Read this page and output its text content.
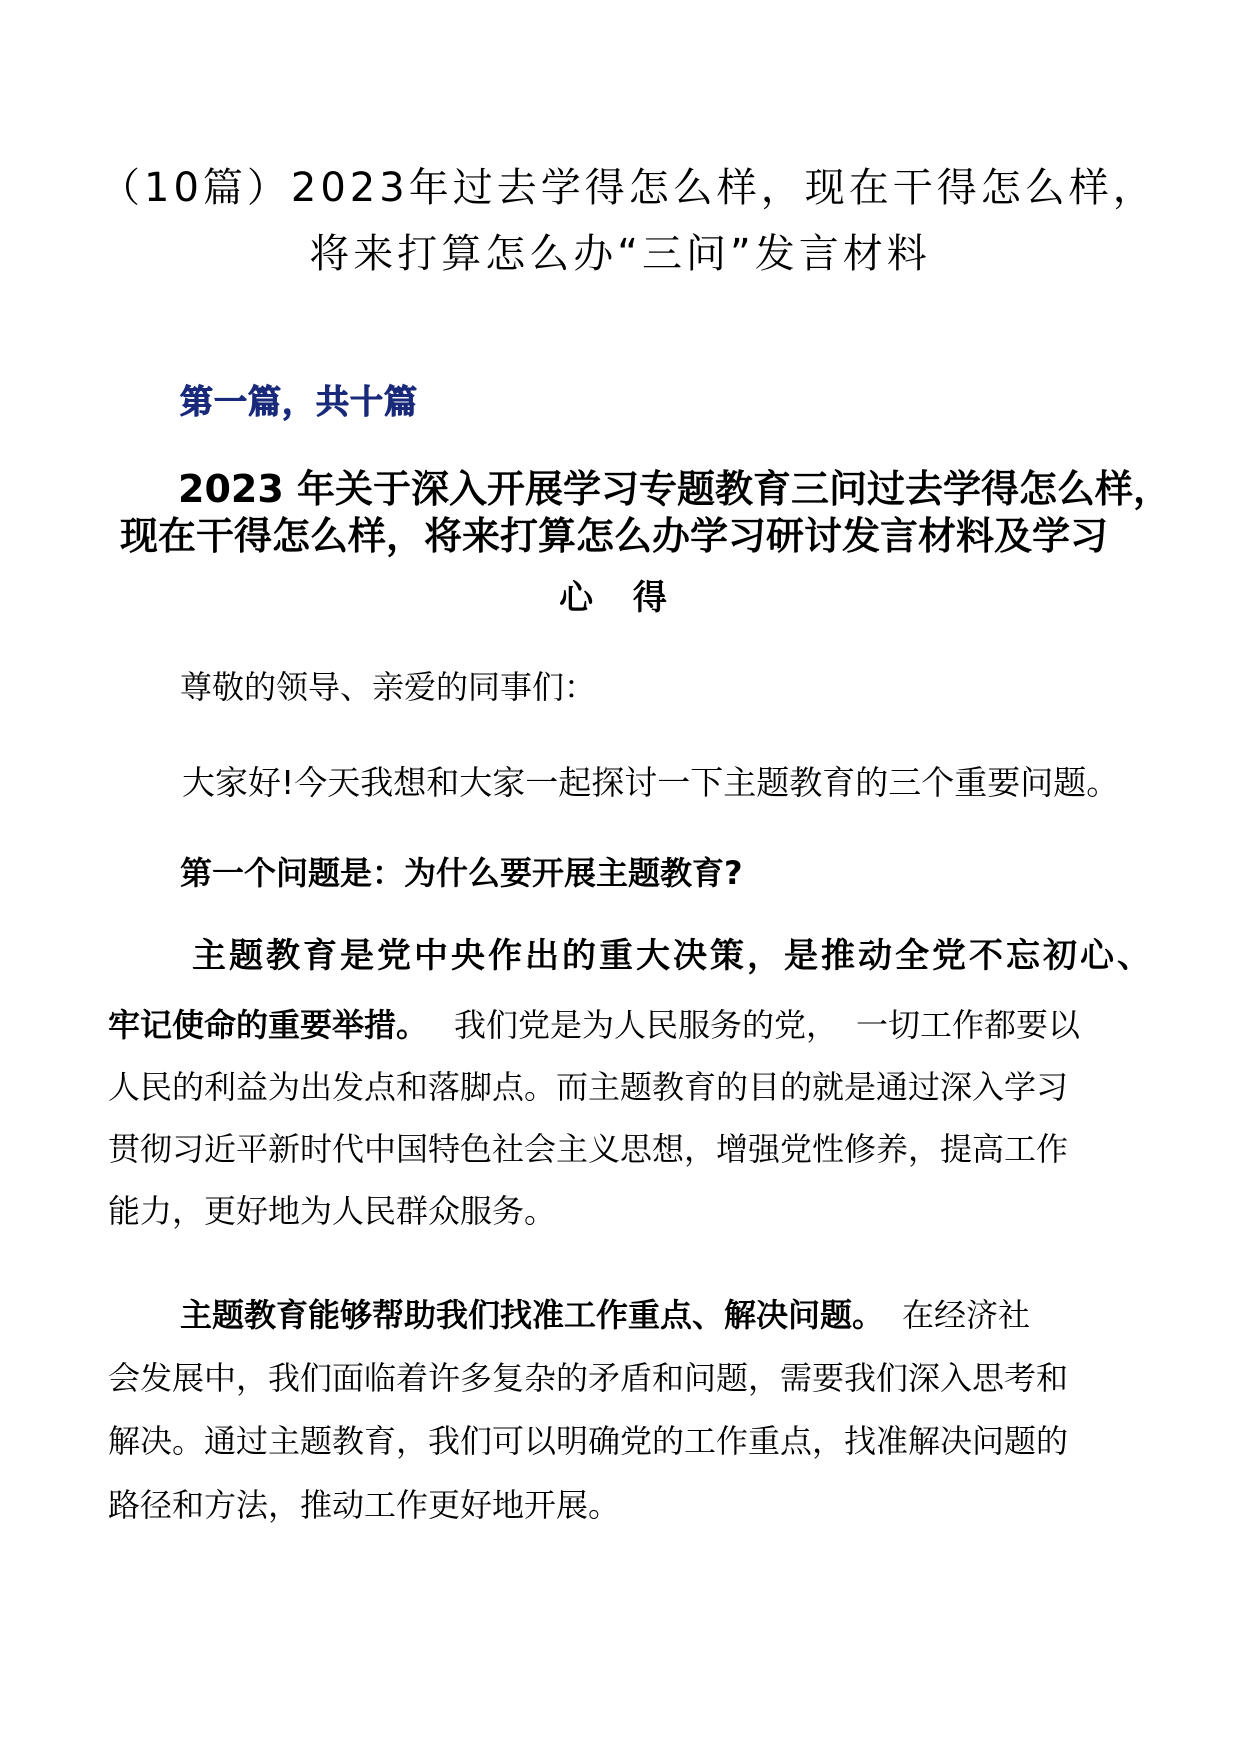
（10篇）2023年过去学得怎么样，现在干得怎么样，
将来打算怎么办“三问”发言材料
第一篇，共十篇
2023 年关于深入开展学习专题教育三问过去学得怎么样，
现在干得怎么样，将来打算怎么办学习研讨发言材料及学习
心 得
尊敬的领导、亲爱的同事们：
大家好!今天我想和大家一起探讨一下主题教育的三个重要问题。
第一个问题是：为什么要开展主题教育?
主题教育是党中央作出的重大决策，是推动全党不忘初心、
牢记使命的重要举措。 我们党是为人民服务的党， 一切工作都要以
人民的利益为出发点和落脚点。而主题教育的目的就是通过深入学习
贯彻习近平新时代中国特色社会主义思想，增强党性修养，提高工作
能力，更好地为人民群众服务。
主题教育能够帮助我们找准工作重点、解决问题。 在经济社
会发展中，我们面临着许多复杂的矛盾和问题，需要我们深入思考和
解决。通过主题教育，我们可以明确党的工作重点，找准解决问题的
路径和方法，推动工作更好地开展。
